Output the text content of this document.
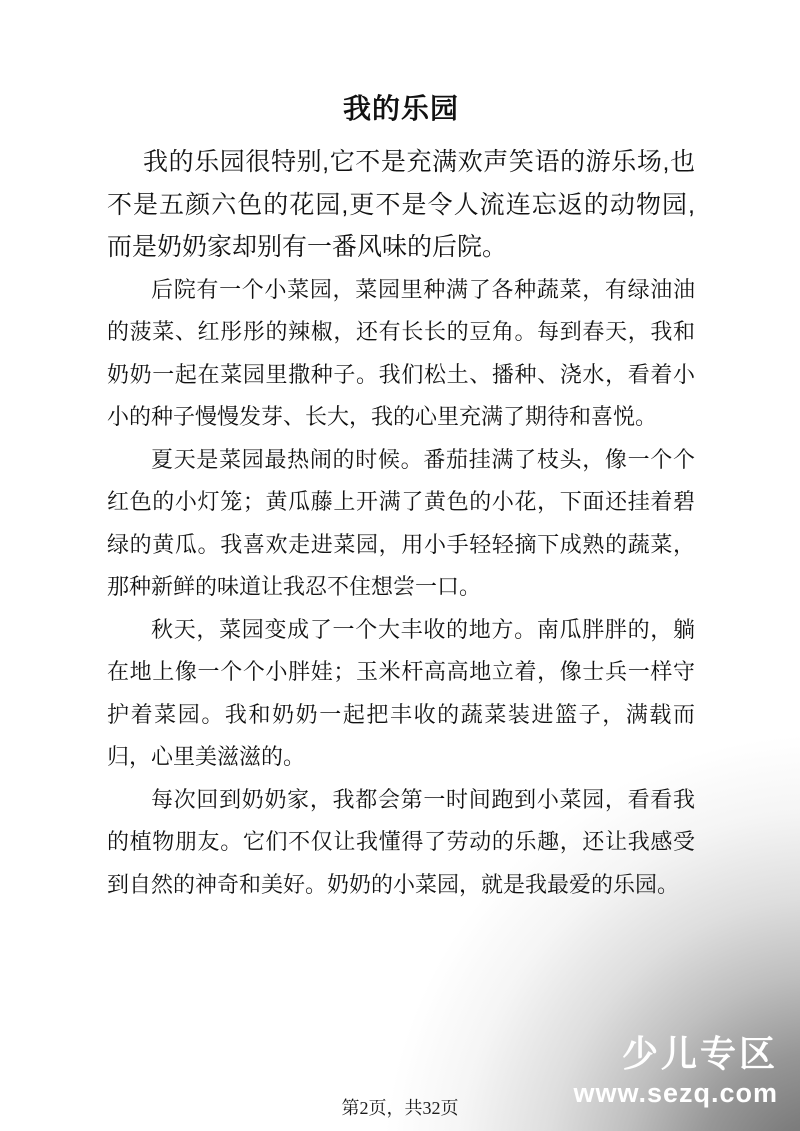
我的乐园

我的乐园很特别,它不是充满欢声笑语的游乐场,也不是五颜六色的花园,更不是令人流连忘返的动物园,而是奶奶家却别有一番风味的后院。

后院有一个小菜园，菜园里种满了各种蔬菜，有绿油油的菠菜、红彤彤的辣椒，还有长长的豆角。每到春天，我和奶奶一起在菜园里撒种子。我们松土、播种、浇水，看着小小的种子慢慢发芽、长大，我的心里充满了期待和喜悦。

夏天是菜园最热闹的时候。番茄挂满了枝头，像一个个红色的小灯笼；黄瓜藤上开满了黄色的小花，下面还挂着碧绿的黄瓜。我喜欢走进菜园，用小手轻轻摘下成熟的蔬菜，那种新鲜的味道让我忍不住想尝一口。

秋天，菜园变成了一个大丰收的地方。南瓜胖胖的，躺在地上像一个个小胖娃；玉米杆高高地立着，像士兵一样守护着菜园。我和奶奶一起把丰收的蔬菜装进篮子，满载而归，心里美滋滋的。

每次回到奶奶家，我都会第一时间跑到小菜园，看看我的植物朋友。它们不仅让我懂得了劳动的乐趣，还让我感受到自然的神奇和美好。奶奶的小菜园，就是我最爱的乐园。

少儿专区
www.sezq.com
第2页，共32页
